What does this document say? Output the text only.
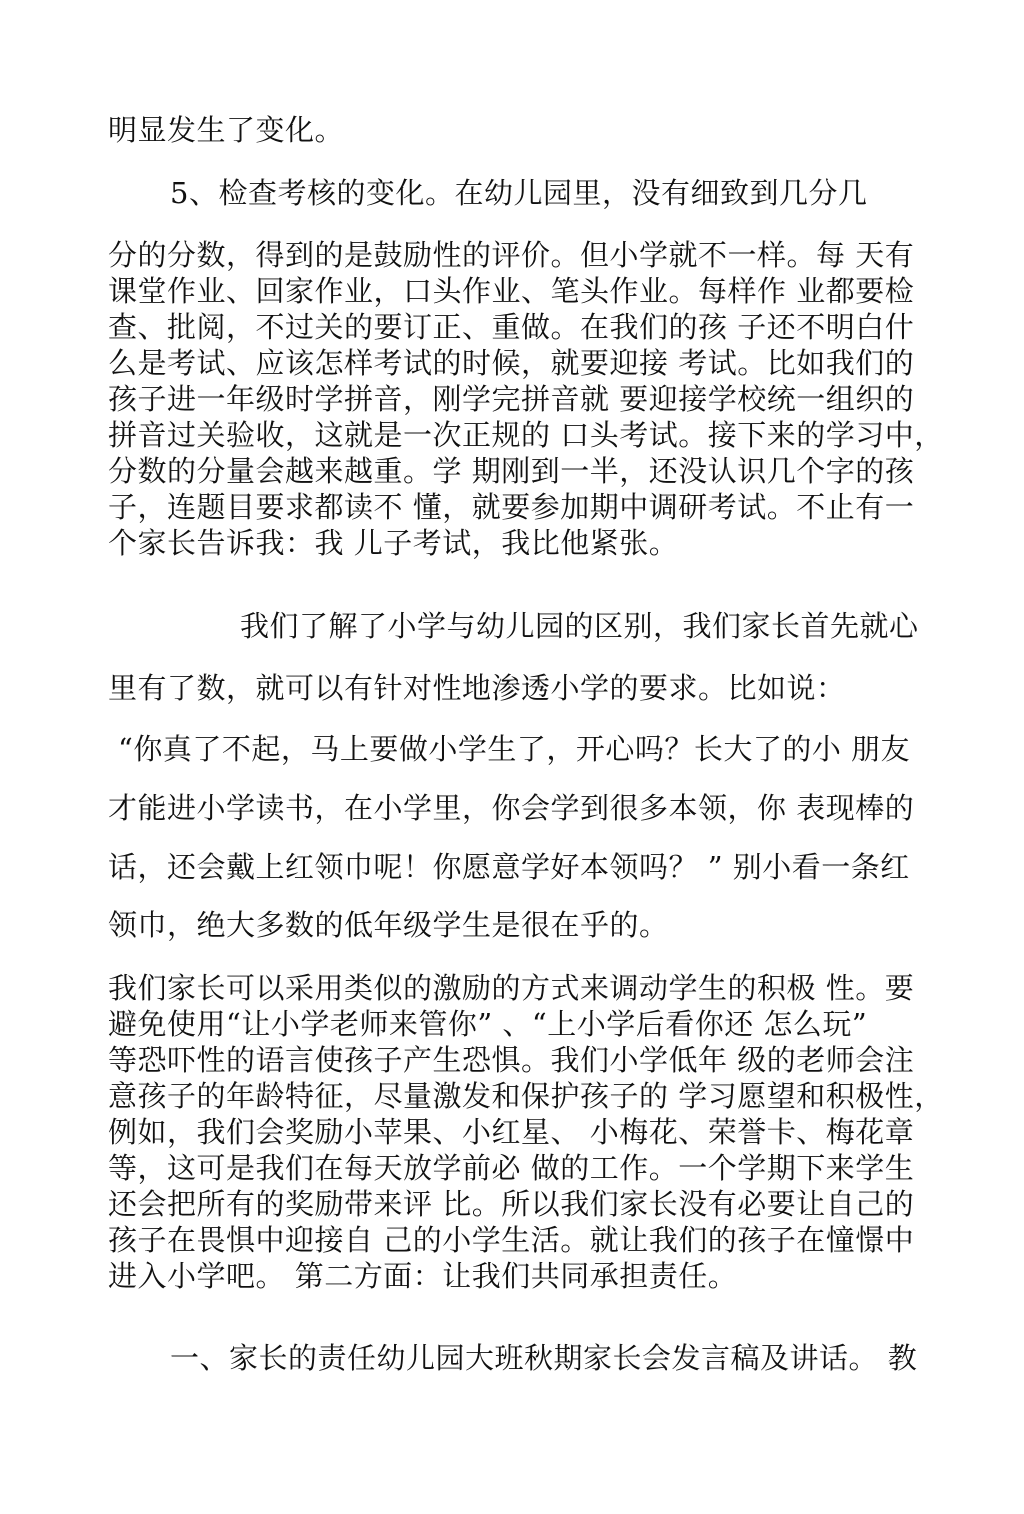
明显发生了变化。
5、检查考核的变化。在幼儿园里，没有细致到几分几
分的分数，得到的是鼓励性的评价。但小学就不一样。每 天有
课堂作业、回家作业，口头作业、笔头作业。每样作 业都要检
查、批阅，不过关的要订正、重做。在我们的孩 子还不明白什
么是考试、应该怎样考试的时候，就要迎接 考试。比如我们的
孩子进一年级时学拼音，刚学完拼音就 要迎接学校统一组织的
拼音过关验收，这就是一次正规的 口头考试。接下来的学习中，
分数的分量会越来越重。学 期刚到一半，还没认识几个字的孩
子，连题目要求都读不 懂，就要参加期中调研考试。不止有一
个家长告诉我：我 儿子考试，我比他紧张。
我们了解了小学与幼儿园的区别，我们家长首先就心
里有了数，就可以有针对性地渗透小学的要求。比如说：
“你真了不起，马上要做小学生了，开心吗？长大了的小 朋友
才能进小学读书，在小学里，你会学到很多本领，你 表现棒的
话，还会戴上红领巾呢！你愿意学好本领吗？ ” 别小看一条红
领巾，绝大多数的低年级学生是很在乎的。
我们家长可以采用类似的激励的方式来调动学生的积极 性。要
避免使用“让小学老师来管你” 、“上小学后看你还 怎么玩”
等恐吓性的语言使孩子产生恐惧。我们小学低年 级的老师会注
意孩子的年龄特征，尽量激发和保护孩子的 学习愿望和积极性，
例如，我们会奖励小苹果、小红星、 小梅花、荣誉卡、梅花章
等，这可是我们在每天放学前必 做的工作。一个学期下来学生
还会把所有的奖励带来评 比。所以我们家长没有必要让自己的
孩子在畏惧中迎接自 己的小学生活。就让我们的孩子在憧憬中
进入小学吧。 第二方面：让我们共同承担责任。
一、家长的责任幼儿园大班秋期家长会发言稿及讲话。 教
